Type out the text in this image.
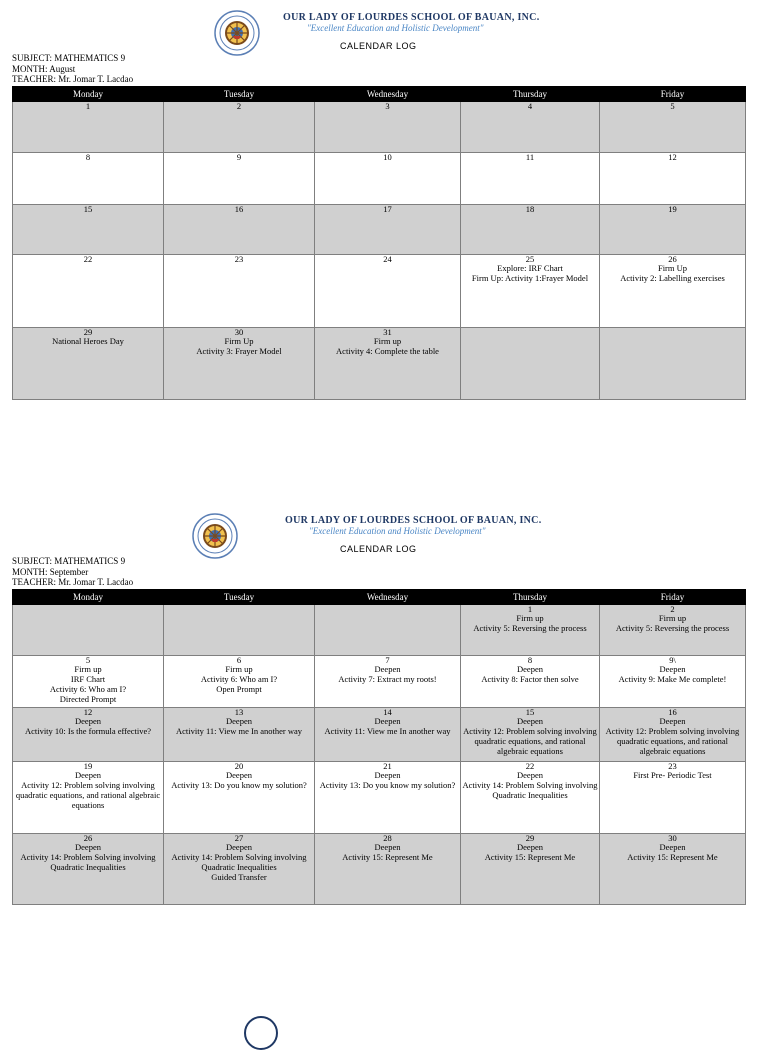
OUR LADY OF LOURDES SCHOOL OF BAUAN, INC.
"Excellent Education and Holistic Development"
CALENDAR LOG
SUBJECT: MATHEMATICS 9
MONTH: August
TEACHER: Mr. Jomar T. Lacdao
Monday	Tuesday	Wednesday	Thursday	Friday

1	2	3	4	5

8	9	10	11	12

15	16	17	18	19

22	23	24	25
Explore: IRF Chart
Firm Up: Activity 1:Frayer Model	26
Firm Up
Activity 2: Labelling exercises

29
National Heroes Day	30
Firm Up
Activity 3: Frayer Model	31
Firm up
Activity 4: Complete the table		

OUR LADY OF LOURDES SCHOOL OF BAUAN, INC.
"Excellent Education and Holistic Development"
CALENDAR LOG
SUBJECT: MATHEMATICS 9
MONTH: September
TEACHER: Mr. Jomar T. Lacdao
Monday	Tuesday	Wednesday	Thursday	Friday

			1
Firm up
Activity 5: Reversing the process	2
Firm up
Activity 5: Reversing the process

5
Firm up
IRF Chart
Activity 6: Who am I?
Directed Prompt	6
Firm up
Activity 6: Who am I?
Open Prompt	7
Deepen
Activity 7: Extract my roots!	8
Deepen
Activity 8: Factor then solve	9\
Deepen
Activity 9: Make Me complete!

12
Deepen
Activity 10: Is the formula effective?	13
Deepen
Activity 11: View me In another way	14
Deepen
Activity 11: View me In another way	15
Deepen
Activity 12: Problem solving involving quadratic equations, and rational algebraic equations	16
Deepen
Activity 12: Problem solving involving quadratic equations, and rational algebraic equations

19
Deepen
Activity 12: Problem solving involving quadratic equations, and rational algebraic equations	20
Deepen
Activity 13: Do you know my solution?	21
Deepen
Activity 13: Do you know my solution?	22
Deepen
Activity 14: Problem Solving involving Quadratic Inequalities	23
First Pre- Periodic Test

26
Deepen
Activity 14: Problem Solving involving Quadratic Inequalities	27
Deepen
Activity 14: Problem Solving involving Quadratic Inequalities
Guided Transfer	28
Deepen
Activity 15: Represent Me	29
Deepen
Activity 15: Represent Me	30
Deepen
Activity 15: Represent Me
